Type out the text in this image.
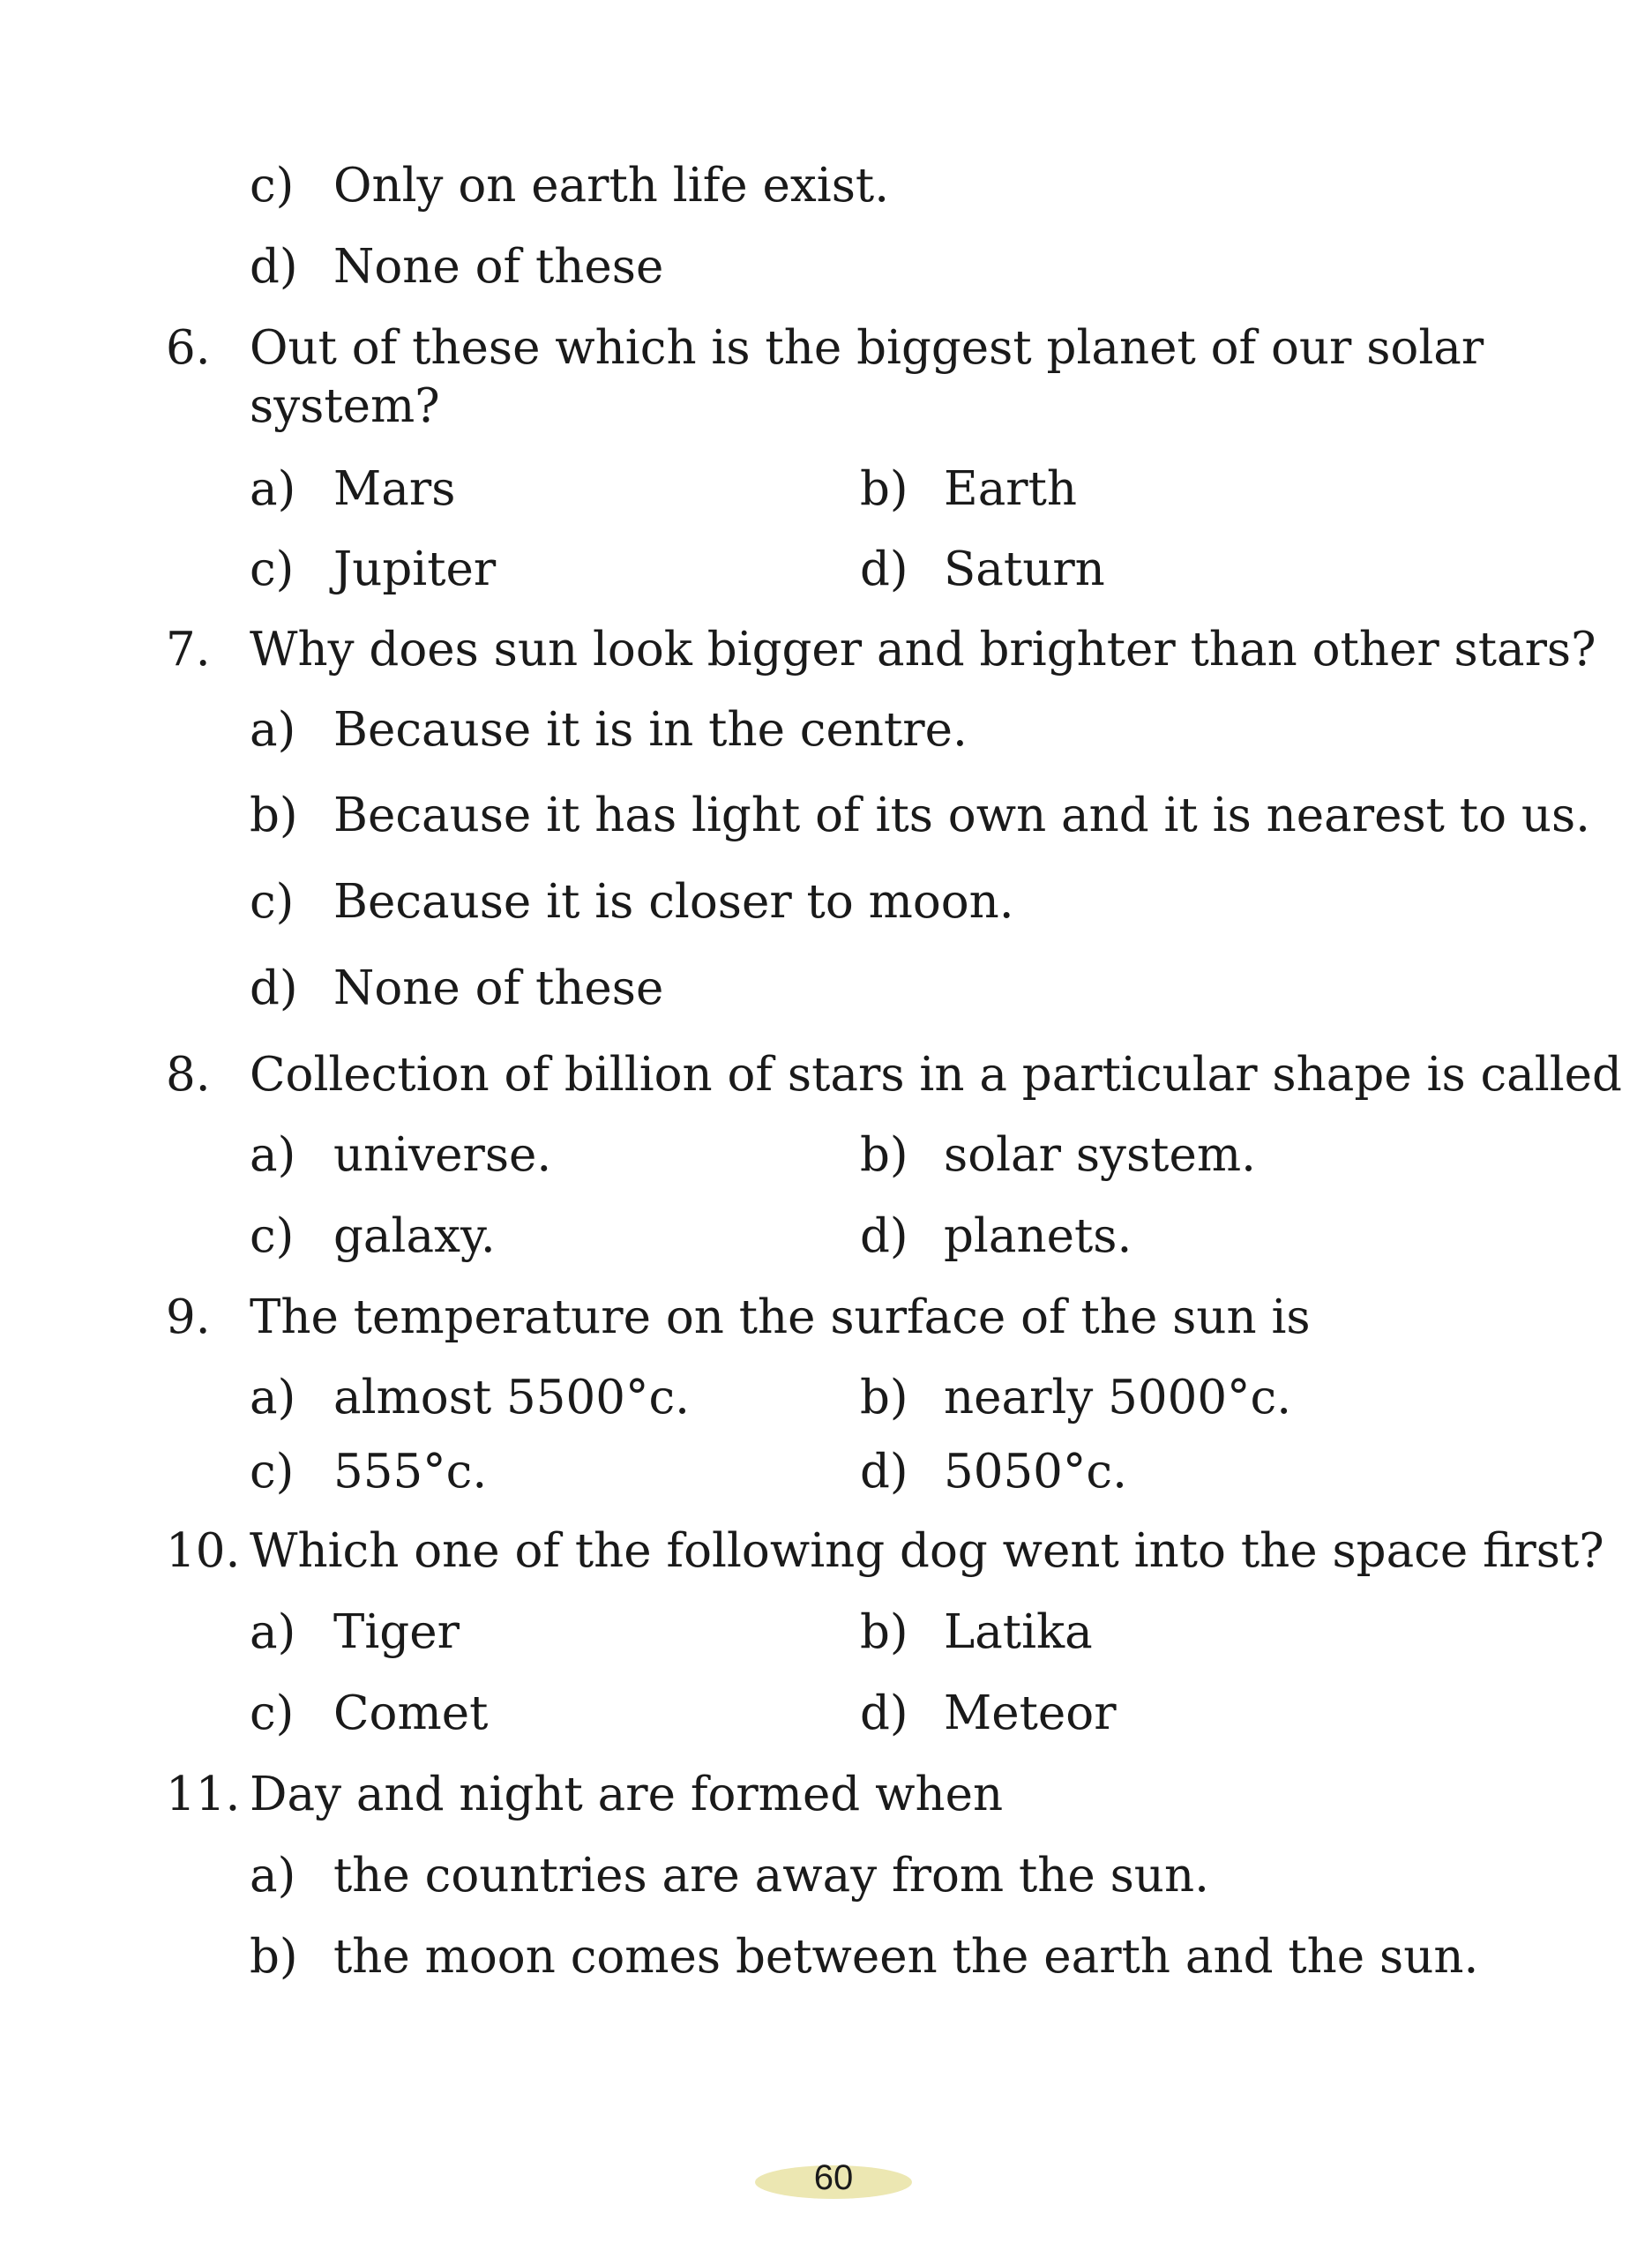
c) Only on earth life exist.
d) None of these
6. Out of these which is the biggest planet of our solar
system?
a) Mars	b) Earth
c) Jupiter	d) Saturn
7. Why does sun look bigger and brighter than other stars?
a) Because it is in the centre.
b) Because it has light of its own and it is nearest to us.
c) Because it is closer to moon.
d) None of these
8. Collection of billion of stars in a particular shape is called
a) universe.	b) solar system.
c) galaxy.	d) planets.
9. The temperature on the surface of the sun is
a) almost 5500°c.	b) nearly 5000°c.
c) 555°c.	d) 5050°c.
10. Which one of the following dog went into the space first?
a) Tiger	b) Latika
c) Comet	d) Meteor
11. Day and night are formed when
a) the countries are away from the sun.
b) the moon comes between the earth and the sun.
60
